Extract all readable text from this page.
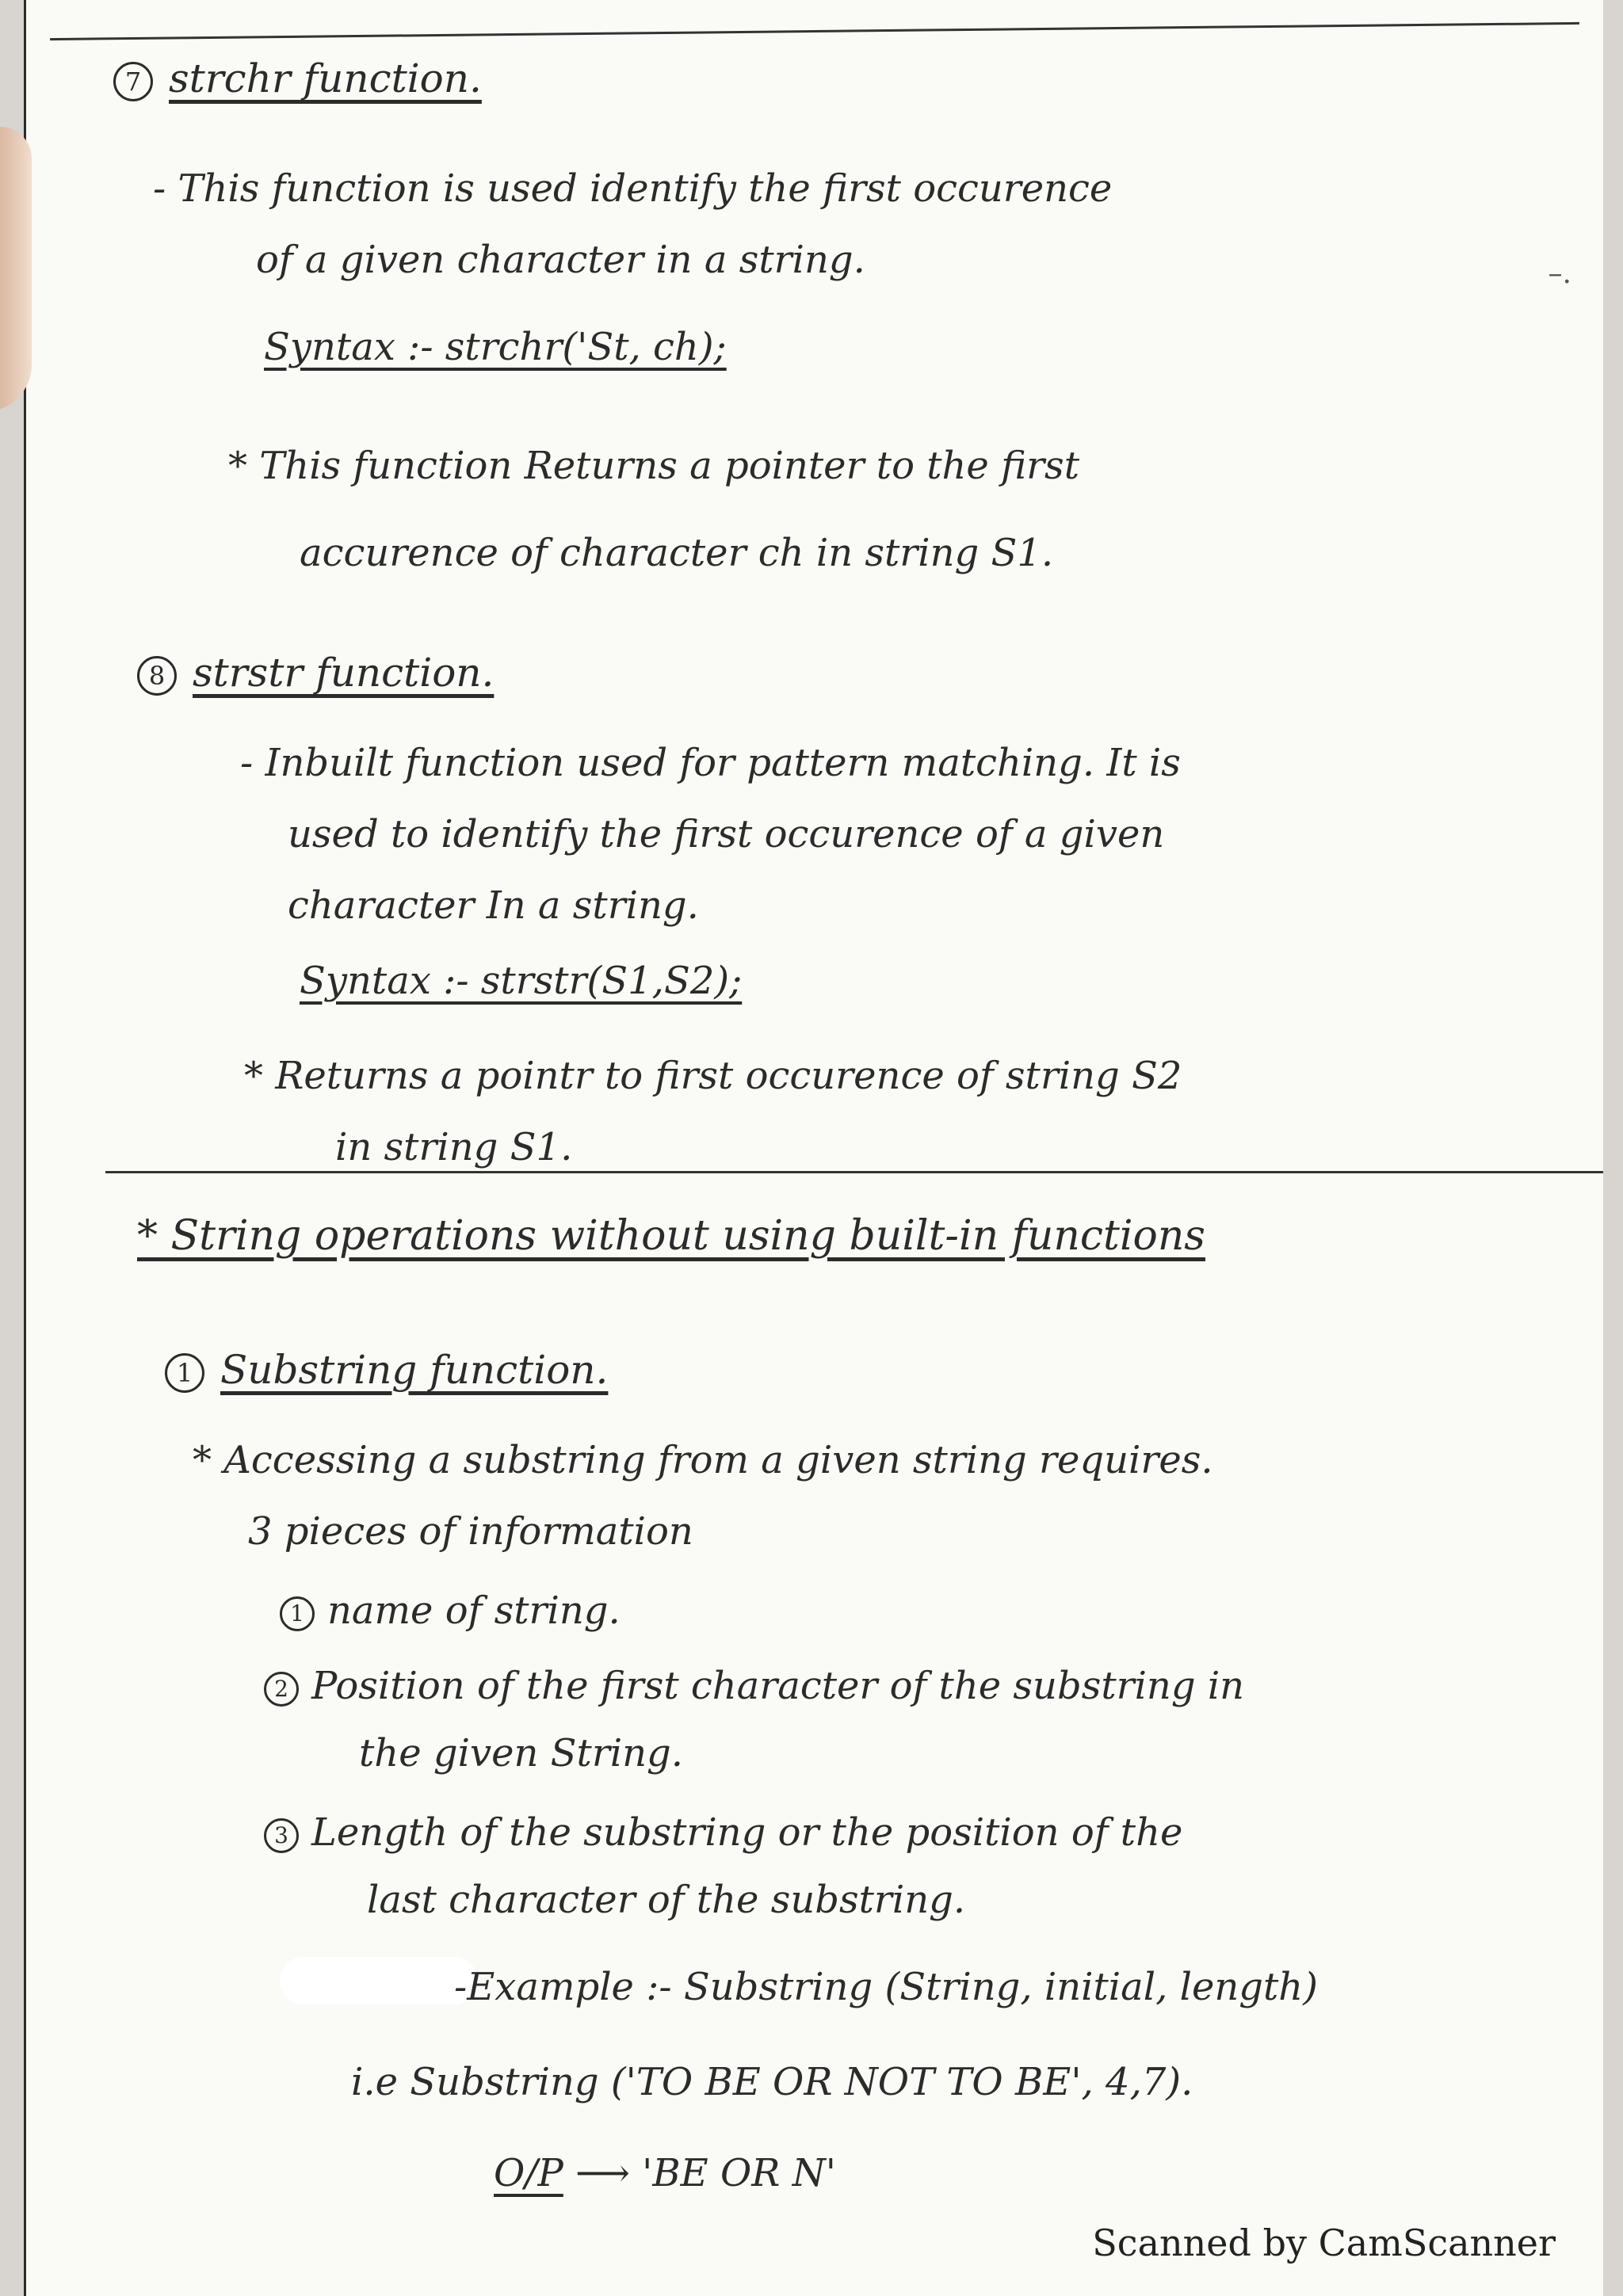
–.
7 strchr function.
- This function is used identify the first occurence
of a given character in a string.
Syntax :- strchr('St, ch);
* This function Returns a pointer to the first
accurence of character ch in string S1.
8 strstr function.
- Inbuilt function used for pattern matching. It is
used to identify the first occurence of a given
character In a string.
Syntax :- strstr(S1,S2);
* Returns a pointr to first occurence of string S2
in string S1.
* String operations without using built-in functions
1 Substring function.
* Accessing a substring from a given string requires.
3 pieces of information
1 name of string.
2 Position of the first character of the substring in
the given String.
3 Length of the substring or the position of the
last character of the substring.
-Example :- Substring (String, initial, length)
i.e Substring ('TO BE OR NOT TO BE', 4,7).
O/P ⟶ 'BE OR N'
Scanned by CamScanner
